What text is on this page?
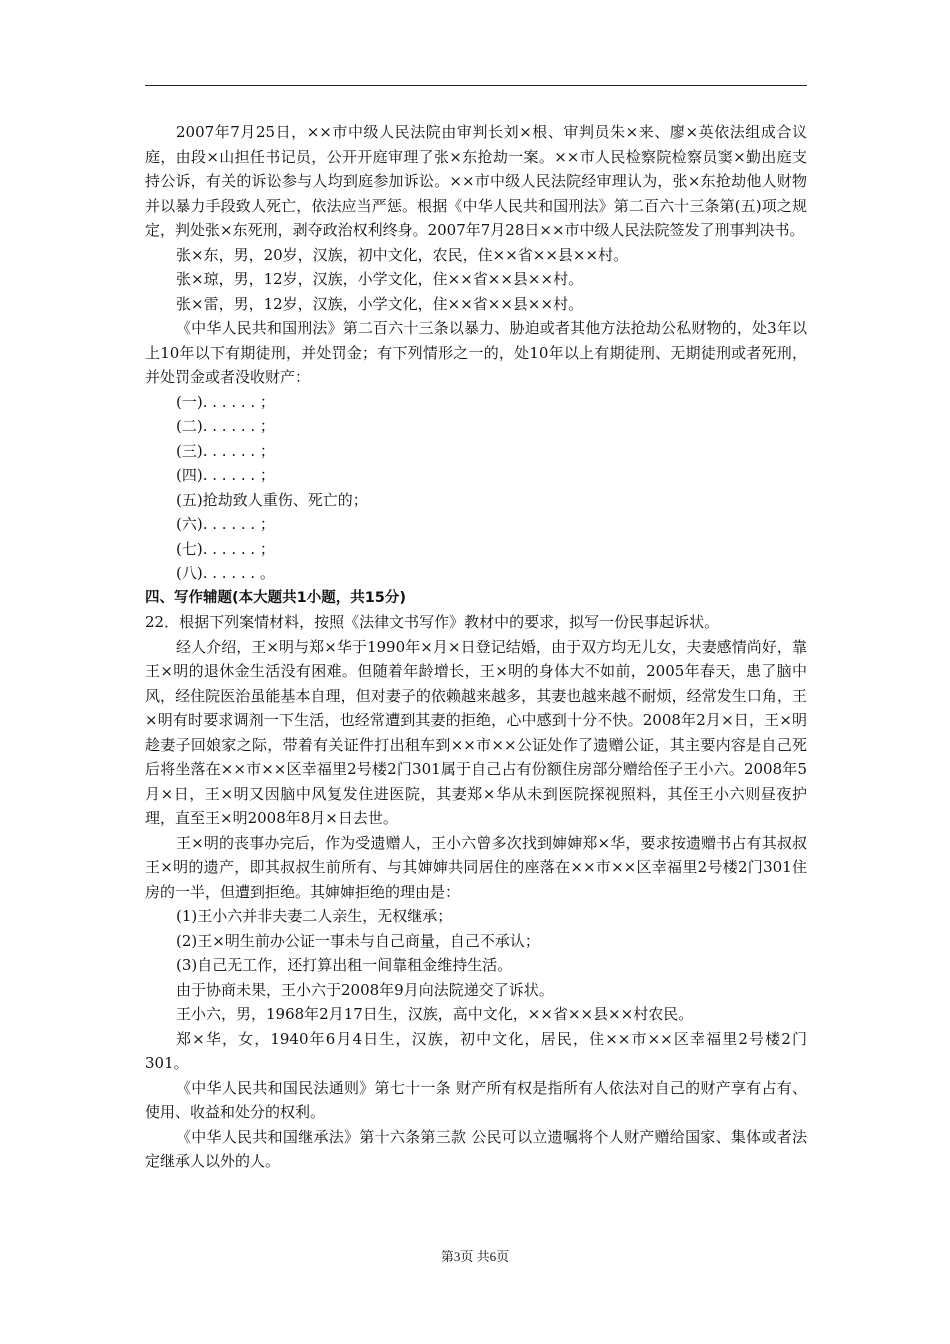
2007年7月25日，××市中级人民法院由审判长刘×根、审判员朱×来、廖×英依法组成合议庭，由段×山担任书记员，公开开庭审理了张×东抢劫一案。××市人民检察院检察员窦×勤出庭支持公诉，有关的诉讼参与人均到庭参加诉讼。××市中级人民法院经审理认为，张×东抢劫他人财物并以暴力手段致人死亡，依法应当严惩。根据《中华人民共和国刑法》第二百六十三条第(五)项之规定，判处张×东死刑，剥夺政治权利终身。2007年7月28日××市中级人民法院签发了刑事判决书。

张×东，男，20岁，汉族，初中文化，农民，住××省××县××村。

张×琼，男，12岁，汉族，小学文化，住××省××县××村。

张×雷，男，12岁，汉族，小学文化，住××省××县××村。

《中华人民共和国刑法》第二百六十三条以暴力、胁迫或者其他方法抢劫公私财物的，处3年以上10年以下有期徒刑，并处罚金；有下列情形之一的，处10年以上有期徒刑、无期徒刑或者死刑，并处罚金或者没收财产：

(一). . . . . . ；

(二). . . . . . ；

(三). . . . . . ；

(四). . . . . . ；

(五)抢劫致人重伤、死亡的；

(六). . . . . . ；

(七). . . . . . ；

(八). . . . . . 。

四、写作辅题(本大题共1小题，共15分)

22．根据下列案情材料，按照《法律文书写作》教材中的要求，拟写一份民事起诉状。

经人介绍，王×明与郑×华于1990年×月×日登记结婚，由于双方均无儿女，夫妻感情尚好，靠王×明的退休金生活没有困难。但随着年龄增长，王×明的身体大不如前，2005年春天，患了脑中风，经住院医治虽能基本自理，但对妻子的依赖越来越多，其妻也越来越不耐烦，经常发生口角，王×明有时要求调剂一下生活，也经常遭到其妻的拒绝，心中感到十分不快。2008年2月×日，王×明趁妻子回娘家之际，带着有关证件打出租车到××市××公证处作了遗赠公证，其主要内容是自己死后将坐落在××市××区幸福里2号楼2门301属于自己占有份额住房部分赠给侄子王小六。2008年5月×日，王×明又因脑中风复发住进医院，其妻郑×华从未到医院探视照料，其侄王小六则昼夜护理，直至王×明2008年8月×日去世。

王×明的丧事办完后，作为受遗赠人，王小六曾多次找到婶婶郑×华，要求按遗赠书占有其叔叔王×明的遗产，即其叔叔生前所有、与其婶婶共同居住的座落在××市××区幸福里2号楼2门301住房的一半，但遭到拒绝。其婶婶拒绝的理由是：

(1)王小六并非夫妻二人亲生，无权继承；

(2)王×明生前办公证一事未与自己商量，自己不承认；

(3)自己无工作，还打算出租一间靠租金维持生活。

由于协商未果，王小六于2008年9月向法院递交了诉状。

王小六，男，1968年2月17日生，汉族，高中文化，××省××县××村农民。

郑×华，女，1940年6月4日生，汉族，初中文化，居民，住××市××区幸福里2号楼2门301。

《中华人民共和国民法通则》第七十一条 财产所有权是指所有人依法对自己的财产享有占有、使用、收益和处分的权利。

《中华人民共和国继承法》第十六条第三款 公民可以立遗嘱将个人财产赠给国家、集体或者法定继承人以外的人。

第3页 共6页
